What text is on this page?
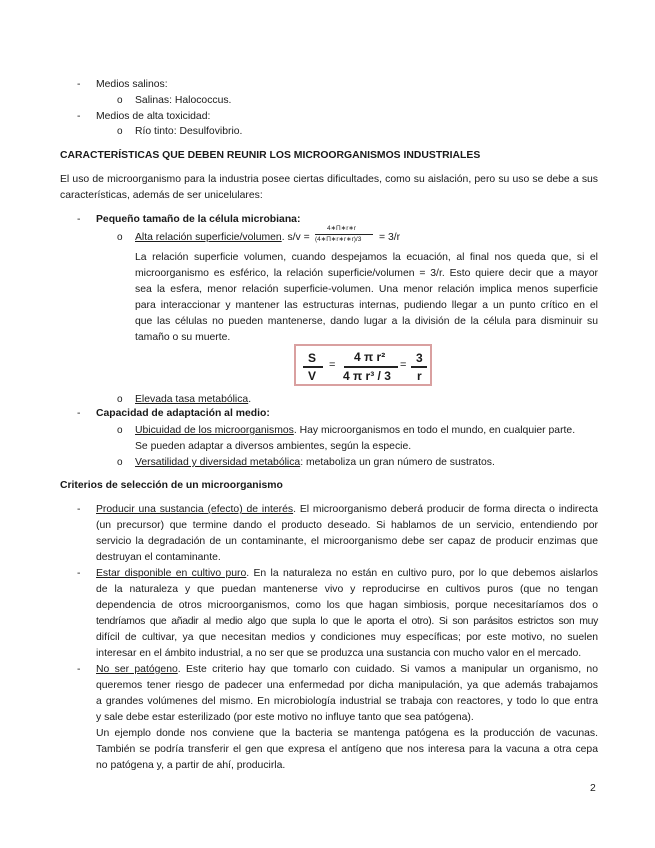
- Medios salinos:
o Salinas: Halococcus.
- Medios de alta toxicidad:
o Río tinto: Desulfovibrio.
CARACTERÍSTICAS QUE DEBEN REUNIR LOS MICROORGANISMOS INDUSTRIALES
El uso de microorganismo para la industria posee ciertas dificultades, como su aislación, pero su uso se debe a sus
características, además de ser unicelulares:
- Pequeño tamaño de la célula microbiana:
o Alta relación superficie/volumen. s/v =
4∗Π∗r∗r
(4∗Π∗r∗r∗r)/3 = 3/r
La relación superficie volumen, cuando despejamos la ecuación, al final nos queda que, si el
microorganismo es esférico, la relación superficie/volumen = 3/r. Esto quiere decir que a mayor
sea la esfera, menor relación superficie-volumen. Una menor relación implica menos superficie
para interaccionar y mantener las estructuras internas, pudiendo llegar a un punto crítico en el
que las células no pueden mantenerse, dando lugar a la división de la célula para disminuir su
tamaño o su muerte.
S
V
=
4 π r²
4 π r³ / 3
= 3
r
o Elevada tasa metabólica.
- Capacidad de adaptación al medio:
o Ubicuidad de los microorganismos. Hay microorganismos en todo el mundo, en cualquier parte.
Se pueden adaptar a diversos ambientes, según la especie.
o Versatilidad y diversidad metabólica: metaboliza un gran número de sustratos.
Criterios de selección de un microorganismo
- Producir una sustancia (efecto) de interés. El microorganismo deberá producir de forma directa o indirecta
(un precursor) que termine dando el producto deseado. Si hablamos de un servicio, entendiendo por
servicio la degradación de un contaminante, el microorganismo debe ser capaz de producir enzimas que
destruyan el contaminante.
- Estar disponible en cultivo puro. En la naturaleza no están en cultivo puro, por lo que debemos aislarlos
de la naturaleza y que puedan mantenerse vivo y reproducirse en cultivos puros (que no tengan
dependencia de otros microorganismos, como los que hagan simbiosis, porque necesitaríamos dos o
tendríamos que añadir al medio algo que supla lo que le aporta el otro). Si son parásitos estrictos son muy
difícil de cultivar, ya que necesitan medios y condiciones muy específicas; por este motivo, no suelen
interesar en el ámbito industrial, a no ser que se produzca una sustancia con mucho valor en el mercado.
- No ser patógeno. Este criterio hay que tomarlo con cuidado. Si vamos a manipular un organismo, no
queremos tener riesgo de padecer una enfermedad por dicha manipulación, ya que además trabajamos
a grandes volúmenes del mismo. En microbiología industrial se trabaja con reactores, y todo lo que entra
y sale debe estar esterilizado (por este motivo no influye tanto que sea patógena).
Un ejemplo donde nos conviene que la bacteria se mantenga patógena es la producción de vacunas.
También se podría transferir el gen que expresa el antígeno que nos interesa para la vacuna a otra cepa
no patógena y, a partir de ahí, producirla.
2
